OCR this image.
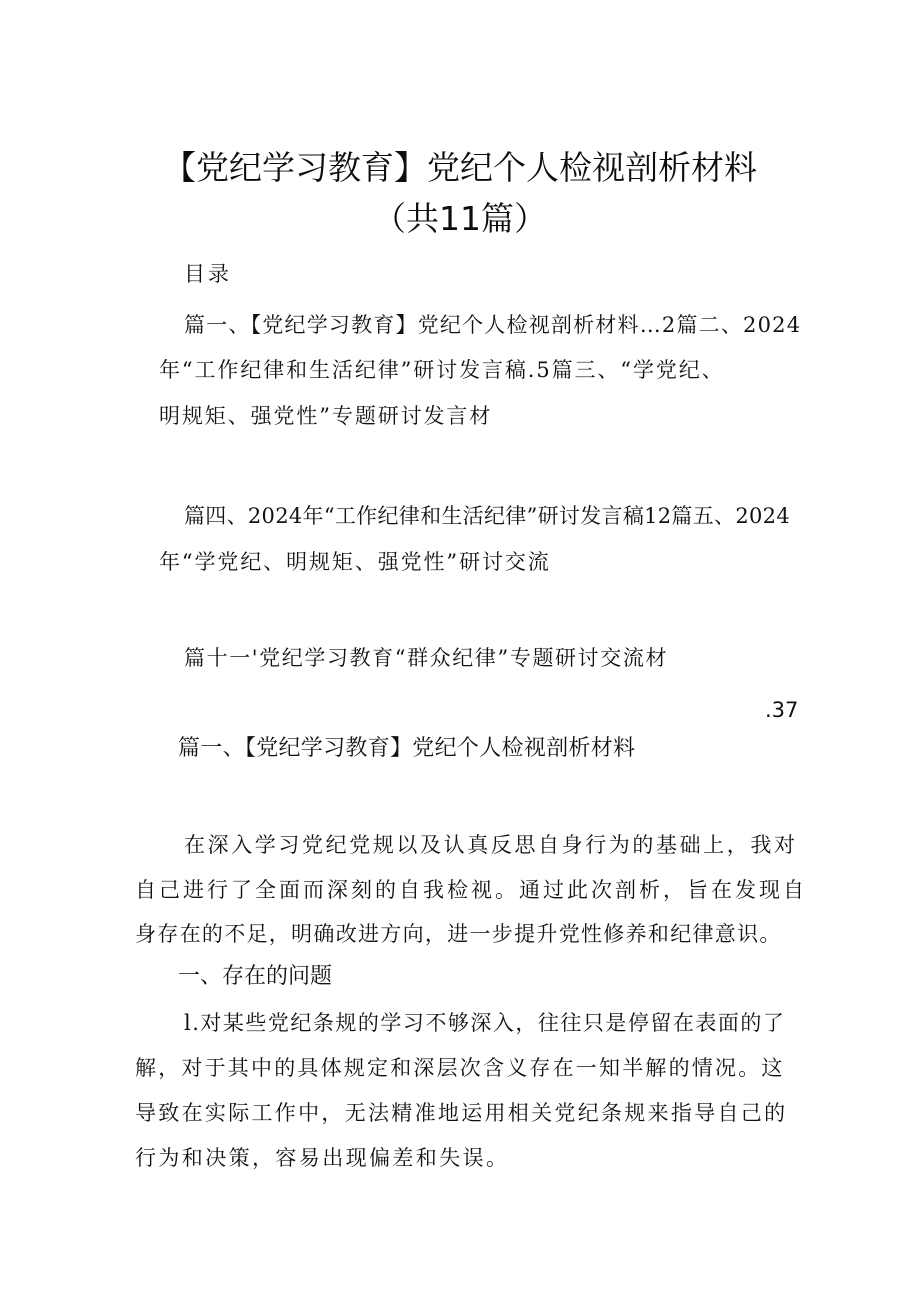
【党纪学习教育】党纪个人检视剖析材料
（共11篇）
目录
篇一、【党纪学习教育】党纪个人检视剖析材料…2篇二、2024
年“工作纪律和生活纪律”研讨发言稿.5篇三、“学党纪、
明规矩、强党性”专题研讨发言材
篇四、2024年“工作纪律和生活纪律”研讨发言稿12篇五、2024
年“学党纪、明规矩、强党性”研讨交流
篇十一'党纪学习教育“群众纪律”专题研讨交流材
.37
篇一、【党纪学习教育】党纪个人检视剖析材料
在深入学习党纪党规以及认真反思自身行为的基础上，我对
自己进行了全面而深刻的自我检视。通过此次剖析，旨在发现自
身存在的不足，明确改进方向，进一步提升党性修养和纪律意识。
一、存在的问题
l.对某些党纪条规的学习不够深入，往往只是停留在表面的了
解，对于其中的具体规定和深层次含义存在一知半解的情况。这
导致在实际工作中，无法精准地运用相关党纪条规来指导自己的
行为和决策，容易出现偏差和失误。
